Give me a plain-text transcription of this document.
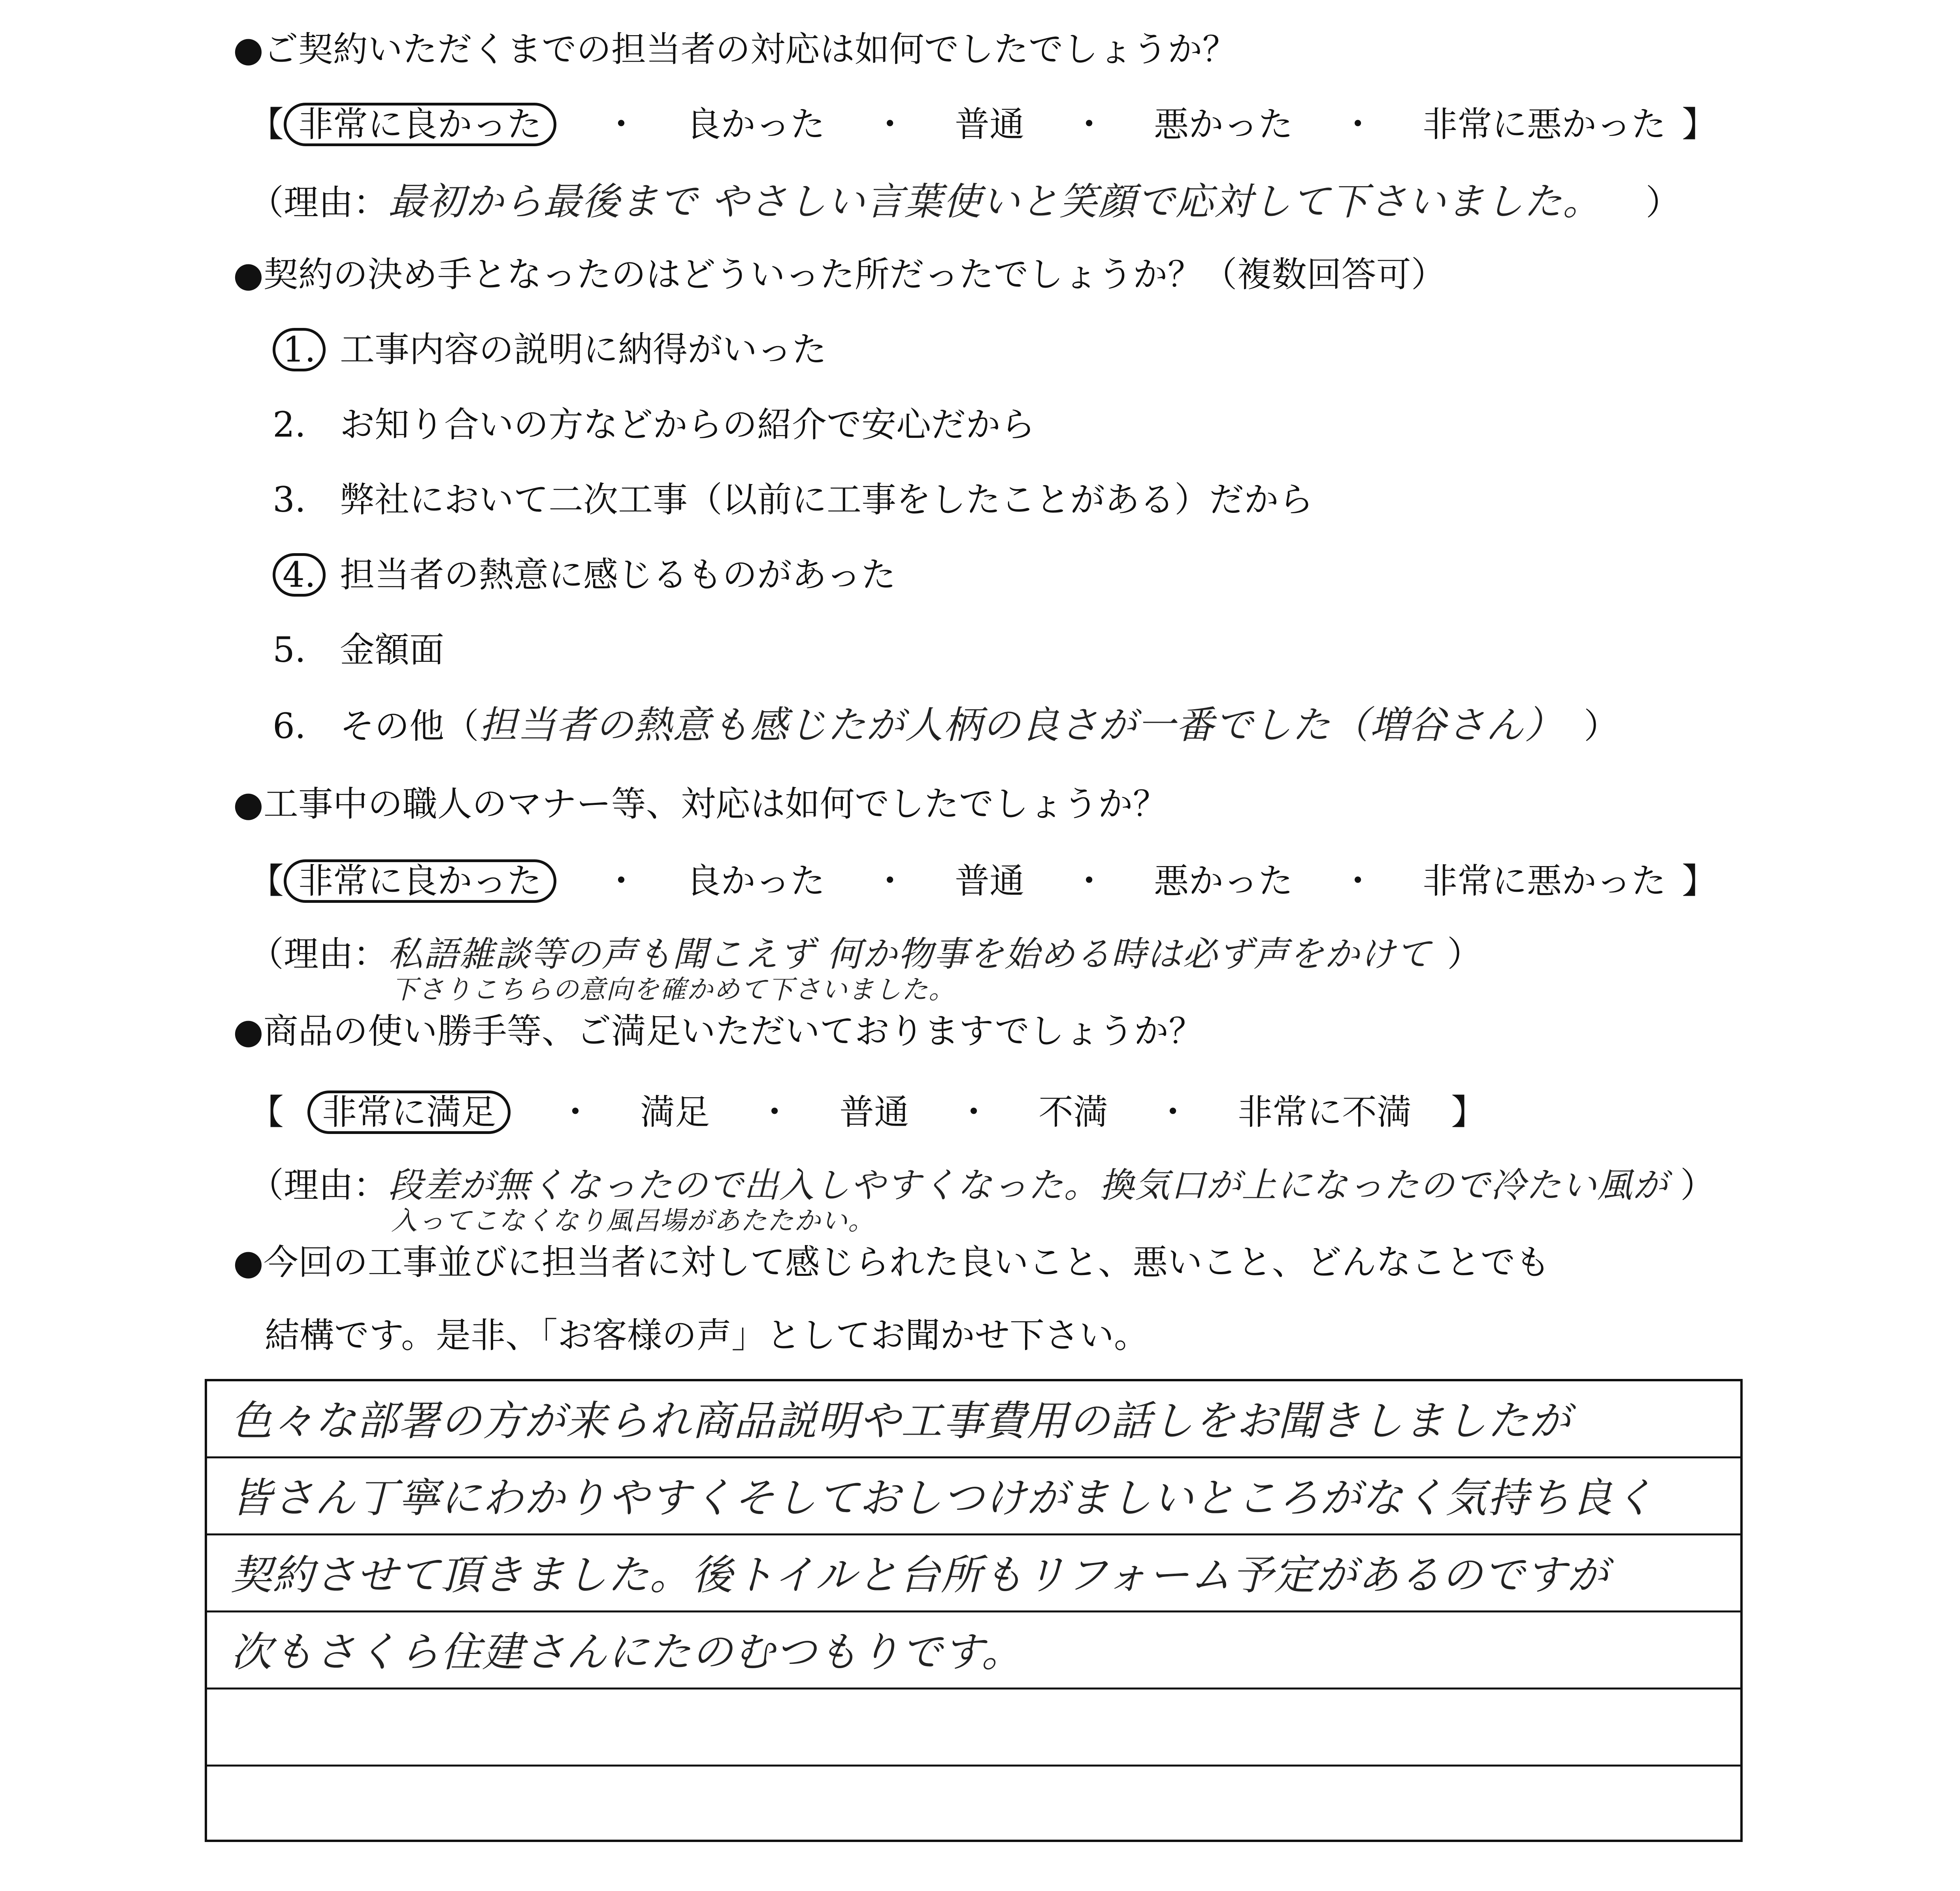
●ご契約いただくまでの担当者の対応は如何でしたでしょうか？
【 非常に良かった ・ 良かった ・ 普通 ・ 悪かった ・ 非常に悪かった 】
（理由：最初から最後まで やさしい言葉使いと笑顔で応対して下さいました。 ）
●契約の決め手となったのはどういった所だったでしょうか？（複数回答可）
1. 工事内容の説明に納得がいった
2. お知り合いの方などからの紹介で安心だから
3. 弊社において二次工事（以前に工事をしたことがある）だから
4. 担当者の熱意に感じるものがあった
5. 金額面
6. その他（担当者の熱意も感じたが人柄の良さが一番でした（増谷さん） ）
●工事中の職人のマナー等、対応は如何でしたでしょうか？
【 非常に良かった ・ 良かった ・ 普通 ・ 悪かった ・ 非常に悪かった 】
（理由：私語雑談等の声も聞こえず 何か物事を始める時は必ず声をかけて ）
下さりこちらの意向を確かめて下さいました。
●商品の使い勝手等、ご満足いただいておりますでしょうか？
【 非常に満足 ・ 満足 ・ 普通 ・ 不満 ・ 非常に不満 】
（理由：段差が無くなったので出入しやすくなった。換気口が上になったので冷たい風が ）
入ってこなくなり風呂場があたたかい。
●今回の工事並びに担当者に対して感じられた良いこと、悪いこと、どんなことでも
結構です。是非、「お客様の声」としてお聞かせ下さい。
色々な部署の方が来られ商品説明や工事費用の話しをお聞きしましたが
皆さん丁寧にわかりやすくそしておしつけがましいところがなく気持ち良く
契約させて頂きました。後トイルと台所もリフォーム予定があるのですが
次もさくら住建さんにたのむつもりです。
